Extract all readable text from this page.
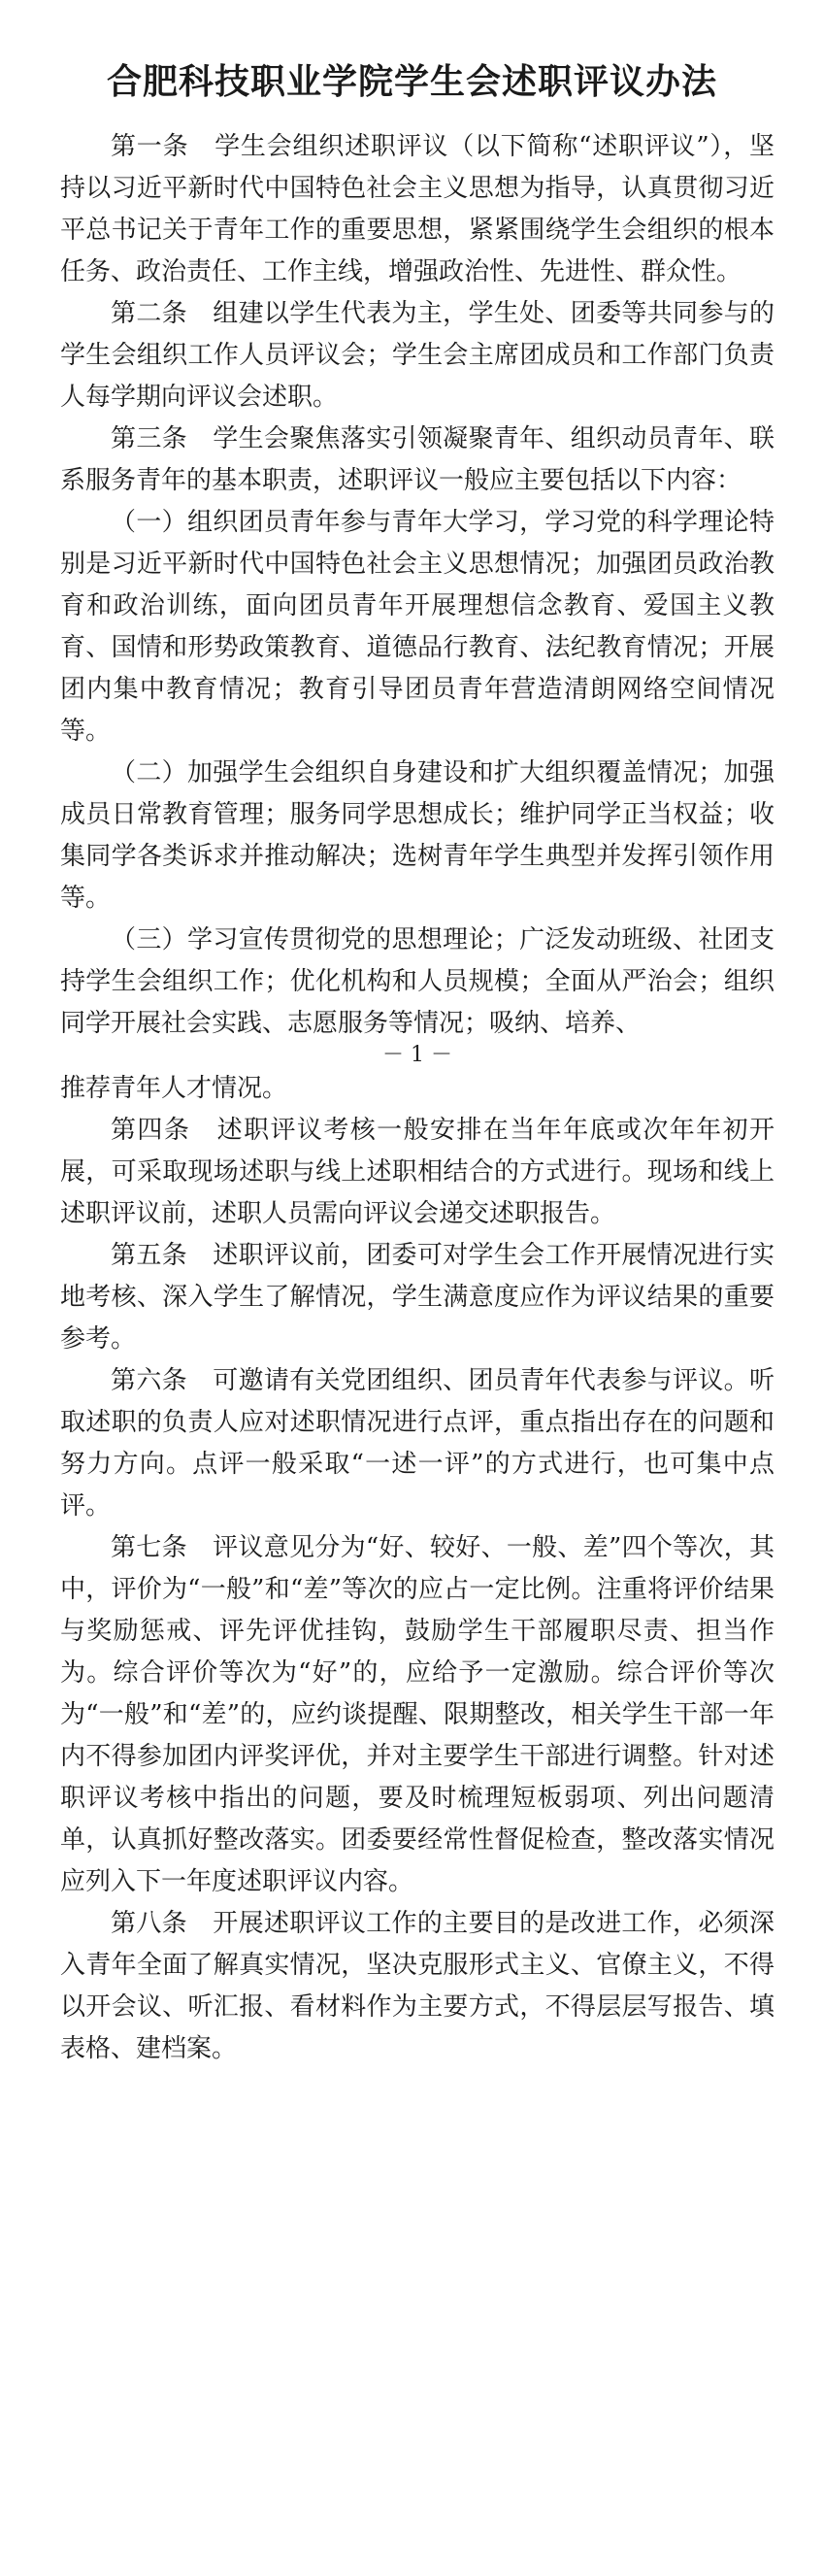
合肥科技职业学院学生会述职评议办法

第一条　学生会组织述职评议（以下简称“述职评议”），坚持以习近平新时代中国特色社会主义思想为指导，认真贯彻习近平总书记关于青年工作的重要思想，紧紧围绕学生会组织的根本任务、政治责任、工作主线，增强政治性、先进性、群众性。

第二条　组建以学生代表为主，学生处、团委等共同参与的学生会组织工作人员评议会；学生会主席团成员和工作部门负责人每学期向评议会述职。

第三条　学生会聚焦落实引领凝聚青年、组织动员青年、联系服务青年的基本职责，述职评议一般应主要包括以下内容：

（一）组织团员青年参与青年大学习，学习党的科学理论特别是习近平新时代中国特色社会主义思想情况；加强团员政治教育和政治训练，面向团员青年开展理想信念教育、爱国主义教育、国情和形势政策教育、道德品行教育、法纪教育情况；开展团内集中教育情况；教育引导团员青年营造清朗网络空间情况等。

（二）加强学生会组织自身建设和扩大组织覆盖情况；加强成员日常教育管理；服务同学思想成长；维护同学正当权益；收集同学各类诉求并推动解决；选树青年学生典型并发挥引领作用等。

（三）学习宣传贯彻党的思想理论；广泛发动班级、社团支持学生会组织工作；优化机构和人员规模；全面从严治会；组织同学开展社会实践、志愿服务等情况；吸纳、培养、

－ 1 －

推荐青年人才情况。

第四条　述职评议考核一般安排在当年年底或次年年初开展，可采取现场述职与线上述职相结合的方式进行。现场和线上述职评议前，述职人员需向评议会递交述职报告。

第五条　述职评议前，团委可对学生会工作开展情况进行实地考核、深入学生了解情况，学生满意度应作为评议结果的重要参考。

第六条　可邀请有关党团组织、团员青年代表参与评议。听取述职的负责人应对述职情况进行点评，重点指出存在的问题和努力方向。点评一般采取“一述一评”的方式进行，也可集中点评。

第七条　评议意见分为“好、较好、一般、差”四个等次，其中，评价为“一般”和“差”等次的应占一定比例。注重将评价结果与奖励惩戒、评先评优挂钩，鼓励学生干部履职尽责、担当作为。综合评价等次为“好”的，应给予一定激励。综合评价等次为“一般”和“差”的，应约谈提醒、限期整改，相关学生干部一年内不得参加团内评奖评优，并对主要学生干部进行调整。针对述职评议考核中指出的问题，要及时梳理短板弱项、列出问题清单，认真抓好整改落实。团委要经常性督促检查，整改落实情况应列入下一年度述职评议内容。

第八条　开展述职评议工作的主要目的是改进工作，必须深入青年全面了解真实情况，坚决克服形式主义、官僚主义，不得以开会议、听汇报、看材料作为主要方式，不得层层写报告、填表格、建档案。
